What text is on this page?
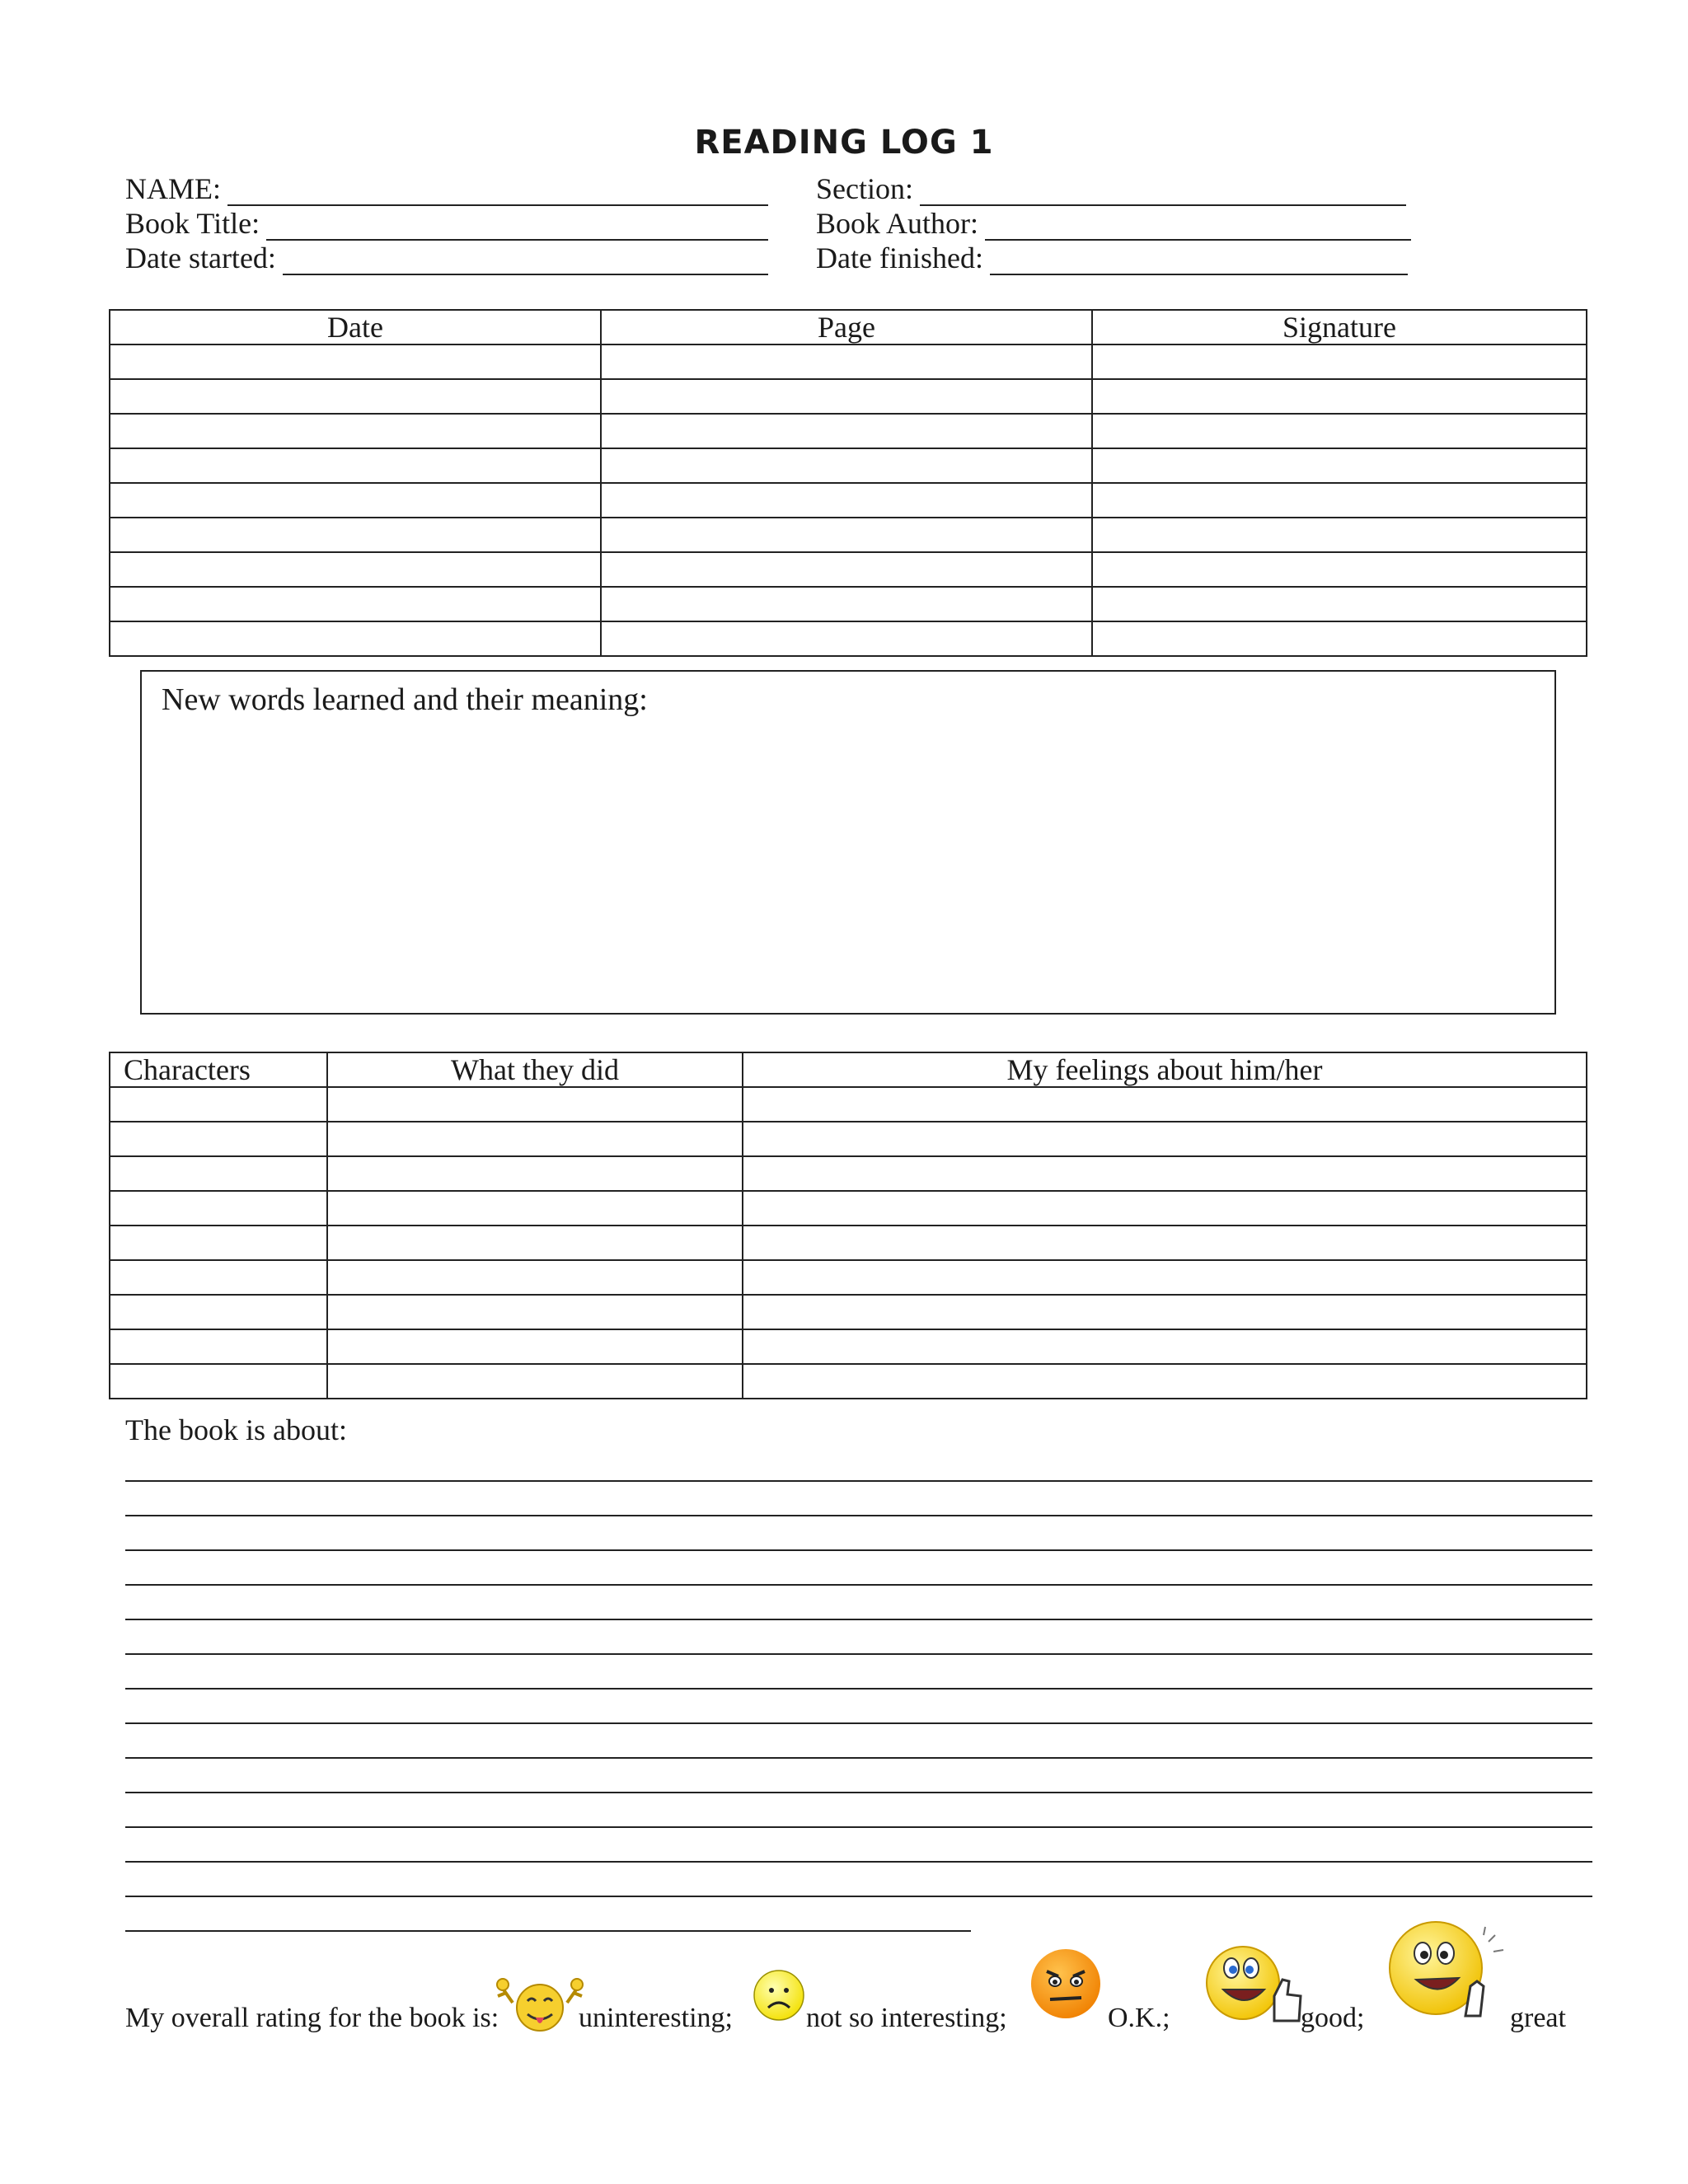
READING LOG 1
NAME:	Section:
Book Title:	Book Author:
Date started:	Date finished:
Date	Page	Signature

New words learned and their meaning:
Characters	What they did	My feelings about him/her

The book is about:
My overall rating for the book is:	uninteresting;	not so interesting;	O.K.;	good;	great
